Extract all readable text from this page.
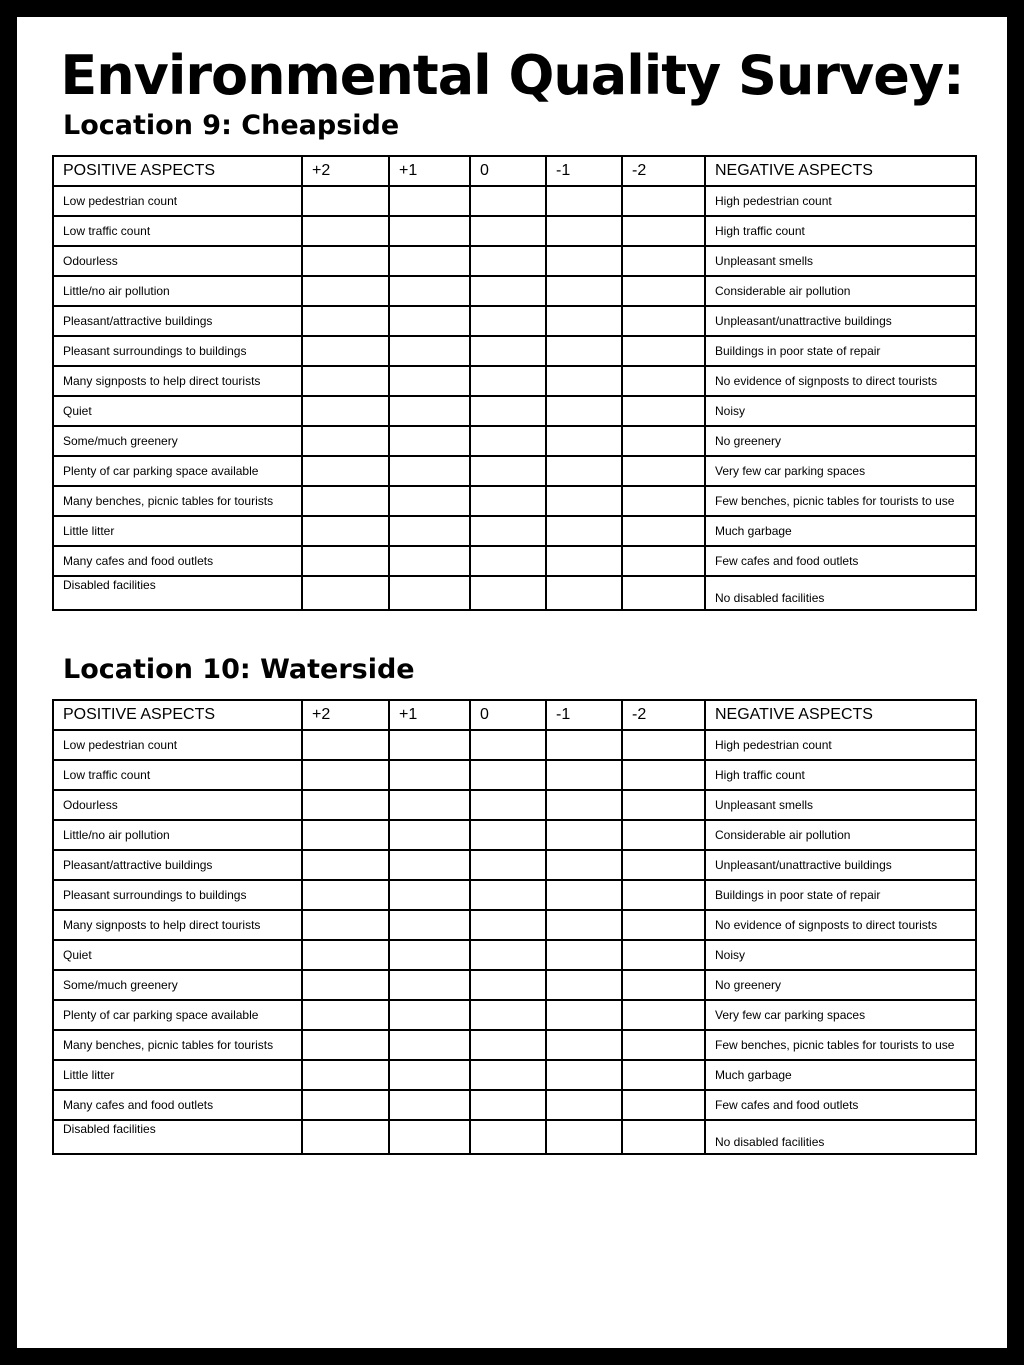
Environmental Quality Survey:
Location 9: Cheapside
POSITIVE ASPECTS	+2	+1	0	-1	-2	NEGATIVE ASPECTS
Low pedestrian count						High pedestrian count
Low traffic count						High traffic count
Odourless						Unpleasant smells
Little/no air pollution						Considerable air pollution
Pleasant/attractive buildings						Unpleasant/unattractive buildings
Pleasant surroundings to buildings						Buildings in poor state of repair
Many signposts to help direct tourists						No evidence of signposts to direct tourists
Quiet						Noisy
Some/much greenery						No greenery
Plenty of car parking space available						Very few car parking spaces
Many benches, picnic tables for tourists						Few benches, picnic tables for tourists to use
Little litter						Much garbage
Many cafes and food outlets						Few cafes and food outlets
Disabled facilities						No disabled facilities
Location 10: Waterside
POSITIVE ASPECTS	+2	+1	0	-1	-2	NEGATIVE ASPECTS
Low pedestrian count						High pedestrian count
Low traffic count						High traffic count
Odourless						Unpleasant smells
Little/no air pollution						Considerable air pollution
Pleasant/attractive buildings						Unpleasant/unattractive buildings
Pleasant surroundings to buildings						Buildings in poor state of repair
Many signposts to help direct tourists						No evidence of signposts to direct tourists
Quiet						Noisy
Some/much greenery						No greenery
Plenty of car parking space available						Very few car parking spaces
Many benches, picnic tables for tourists						Few benches, picnic tables for tourists to use
Little litter						Much garbage
Many cafes and food outlets						Few cafes and food outlets
Disabled facilities						No disabled facilities
